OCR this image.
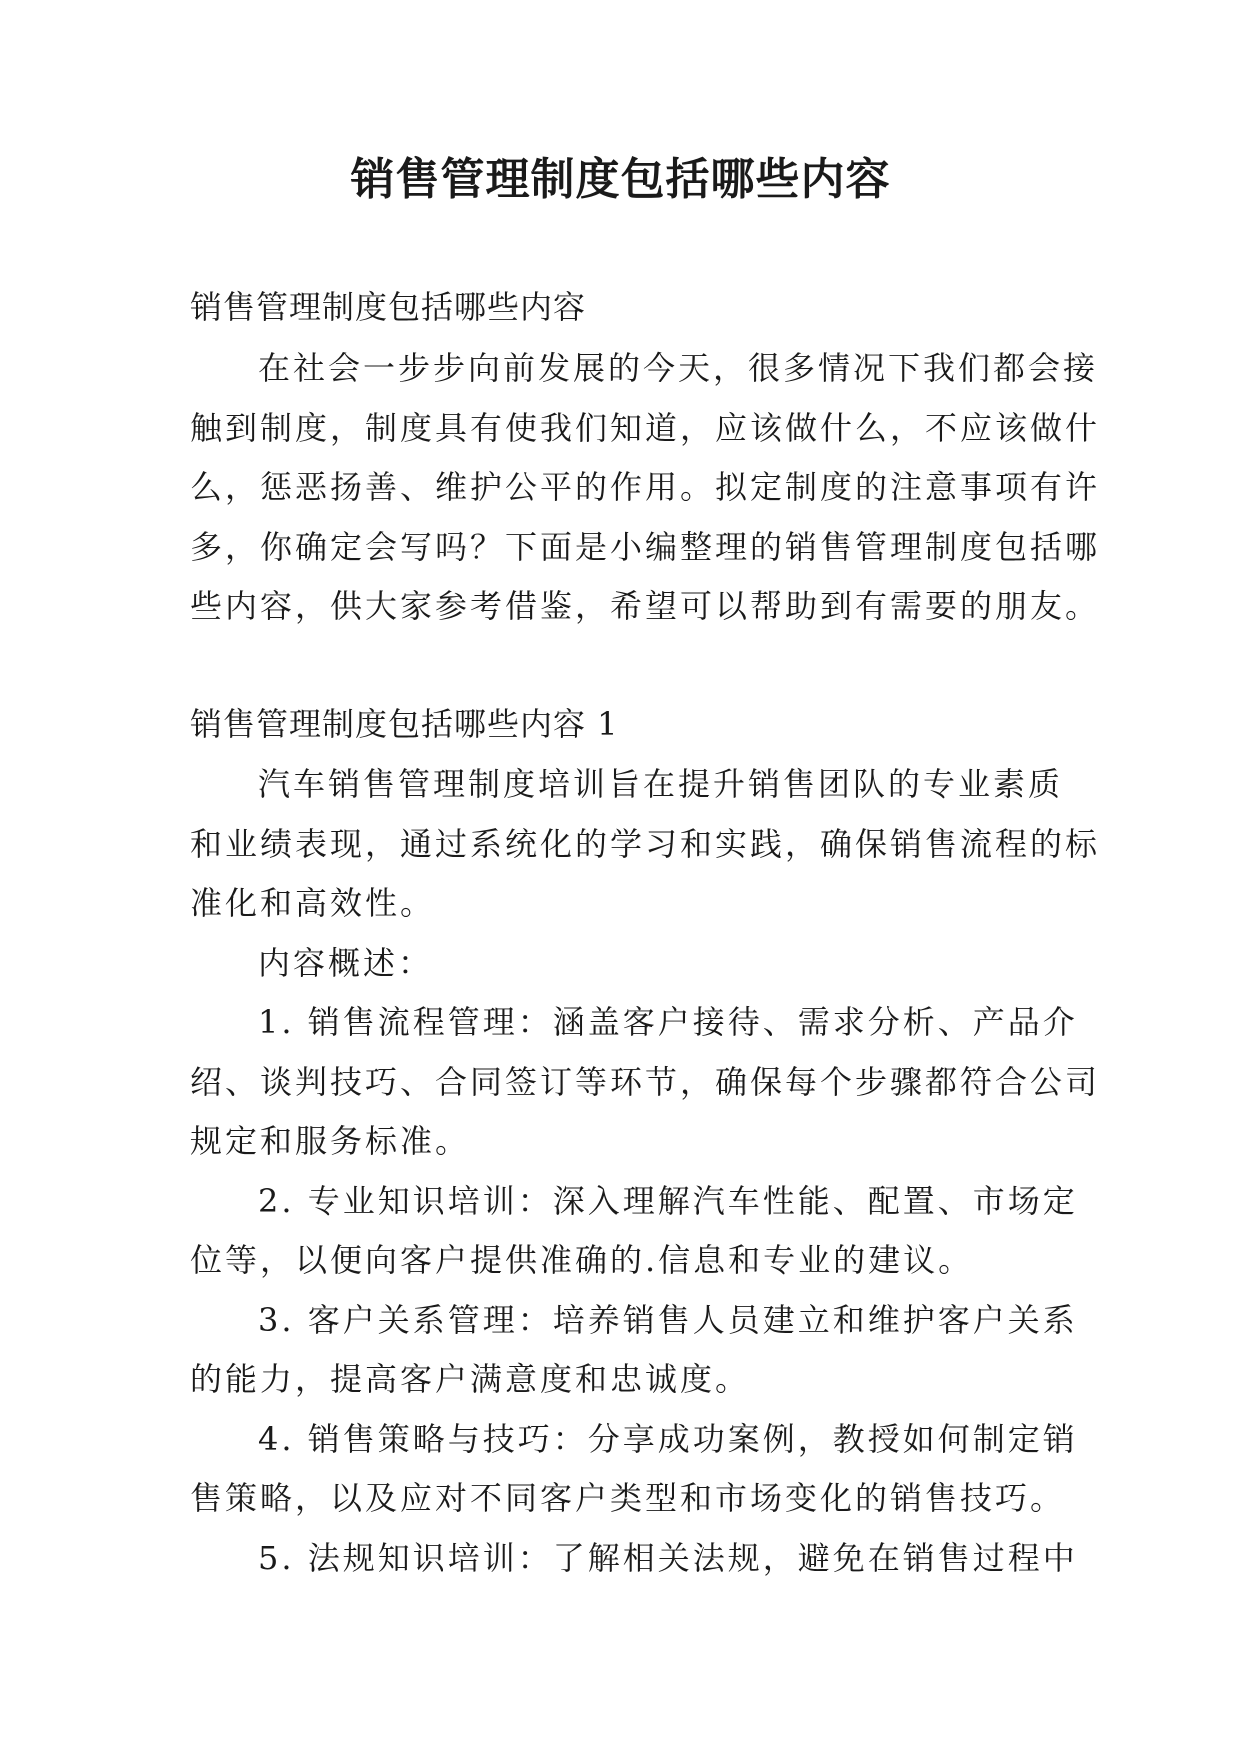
销售管理制度包括哪些内容

销售管理制度包括哪些内容

在社会一步步向前发展的今天，很多情况下我们都会接
触到制度，制度具有使我们知道，应该做什么，不应该做什
么，惩恶扬善、维护公平的作用。拟定制度的注意事项有许
多，你确定会写吗？下面是小编整理的销售管理制度包括哪
些内容，供大家参考借鉴，希望可以帮助到有需要的朋友。

销售管理制度包括哪些内容 1

汽车销售管理制度培训旨在提升销售团队的专业素质
和业绩表现，通过系统化的学习和实践，确保销售流程的标
准化和高效性。
内容概述：
1. 销售流程管理：涵盖客户接待、需求分析、产品介
绍、谈判技巧、合同签订等环节，确保每个步骤都符合公司
规定和服务标准。
2. 专业知识培训：深入理解汽车性能、配置、市场定
位等，以便向客户提供准确的.信息和专业的建议。
3. 客户关系管理：培养销售人员建立和维护客户关系
的能力，提高客户满意度和忠诚度。
4. 销售策略与技巧：分享成功案例，教授如何制定销
售策略，以及应对不同客户类型和市场变化的销售技巧。
5. 法规知识培训：了解相关法规，避免在销售过程中
